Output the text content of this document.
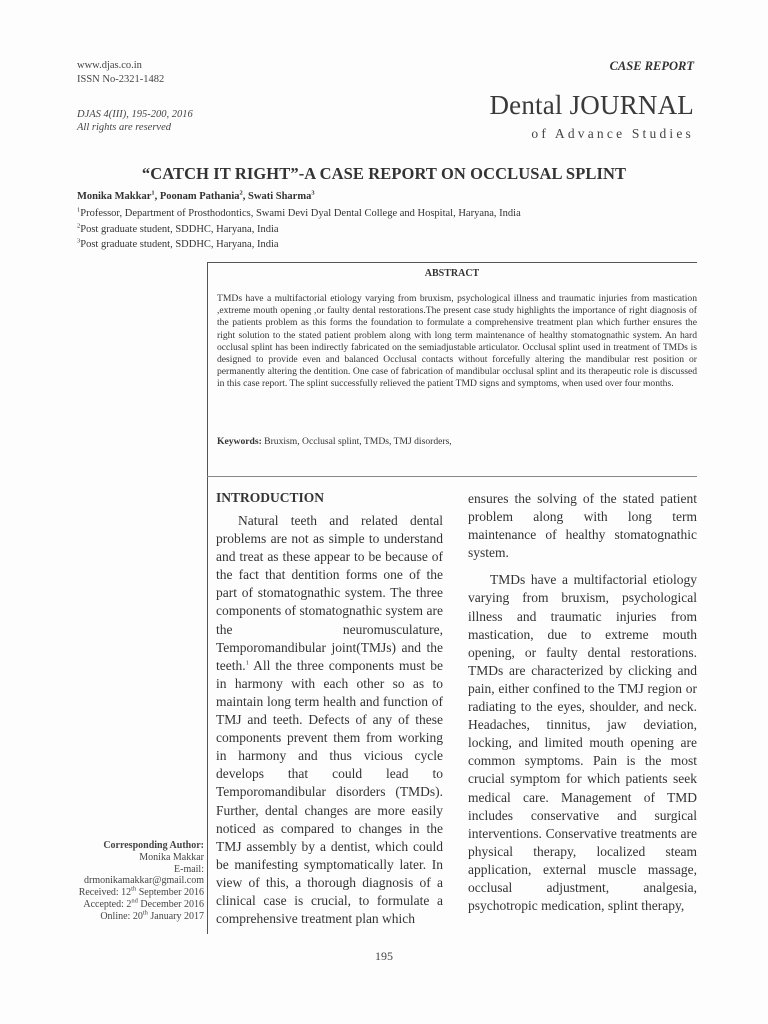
www.djas.co.in
ISSN No-2321-1482
DJAS 4(III), 195-200, 2016
All rights are reserved
CASE REPORT
Dental JOURNAL
of Advance Studies
“CATCH IT RIGHT”-A CASE REPORT ON OCCLUSAL SPLINT
Monika Makkar$^1$, Poonam Pathania$^2$, Swati Sharma$^3$
$^1$Professor, Department of Prosthodontics, Swami Devi Dyal Dental College and Hospital, Haryana, India
$^2$Post graduate student, SDDHC, Haryana, India
$^3$Post graduate student, SDDHC, Haryana, India
ABSTRACT
TMDs have a multifactorial etiology varying from bruxism, psychological illness and traumatic injuries from mastication ,extreme mouth opening ,or faulty dental restorations.The present case study highlights the importance of right diagnosis of the patients problem as this forms the foundation to formulate a comprehensive treatment plan which further ensures the right solution to the stated patient problem along with long term maintenance of healthy stomatognathic system. An hard occlusal splint has been indirectly fabricated on the semiadjustable articulator. Occlusal splint used in treatment of TMDs is designed to provide even and balanced Occlusal contacts without forcefully altering the mandibular rest position or permanently altering the dentition. One case of fabrication of mandibular occlusal splint and its therapeutic role is discussed in this case report. The splint successfully relieved the patient TMD signs and symptoms, when used over four months.
Keywords: Bruxism, Occlusal splint, TMDs, TMJ disorders,
INTRODUCTION

Natural teeth and related dental problems are not as simple to understand and treat as these appear to be because of the fact that dentition forms one of the part of stomatognathic system. The three components of stomatognathic system are the neuromusculature, Temporomandibular joint(TMJs) and the teeth.$^1$ All the three components must be in harmony with each other so as to maintain long term health and function of TMJ and teeth. Defects of any of these components prevent them from working in harmony and thus vicious cycle develops that could lead to Temporomandibular disorders (TMDs). Further, dental changes are more easily noticed as compared to changes in the TMJ assembly by a dentist, which could be manifesting symptomatically later. In view of this, a thorough diagnosis of a clinical case is crucial, to formulate a comprehensive treatment plan which

ensures the solving of the stated patient problem along with long term maintenance of healthy stomatognathic system.

TMDs have a multifactorial etiology varying from bruxism, psychological illness and traumatic injuries from mastication, due to extreme mouth opening, or faulty dental restorations. TMDs are characterized by clicking and pain, either confined to the TMJ region or radiating to the eyes, shoulder, and neck. Headaches, tinnitus, jaw deviation, locking, and limited mouth opening are common symptoms. Pain is the most crucial symptom for which patients seek medical care. Management of TMD includes conservative and surgical interventions. Conservative treatments are physical therapy, localized steam application, external muscle massage, occlusal adjustment, analgesia, psychotropic medication, splint therapy,

Corresponding Author:
Monika Makkar
E-mail:
drmonikamakkar@gmail.com
Received: 12th September 2016
Accepted: 2nd December 2016
Online: 20th January 2017
195
